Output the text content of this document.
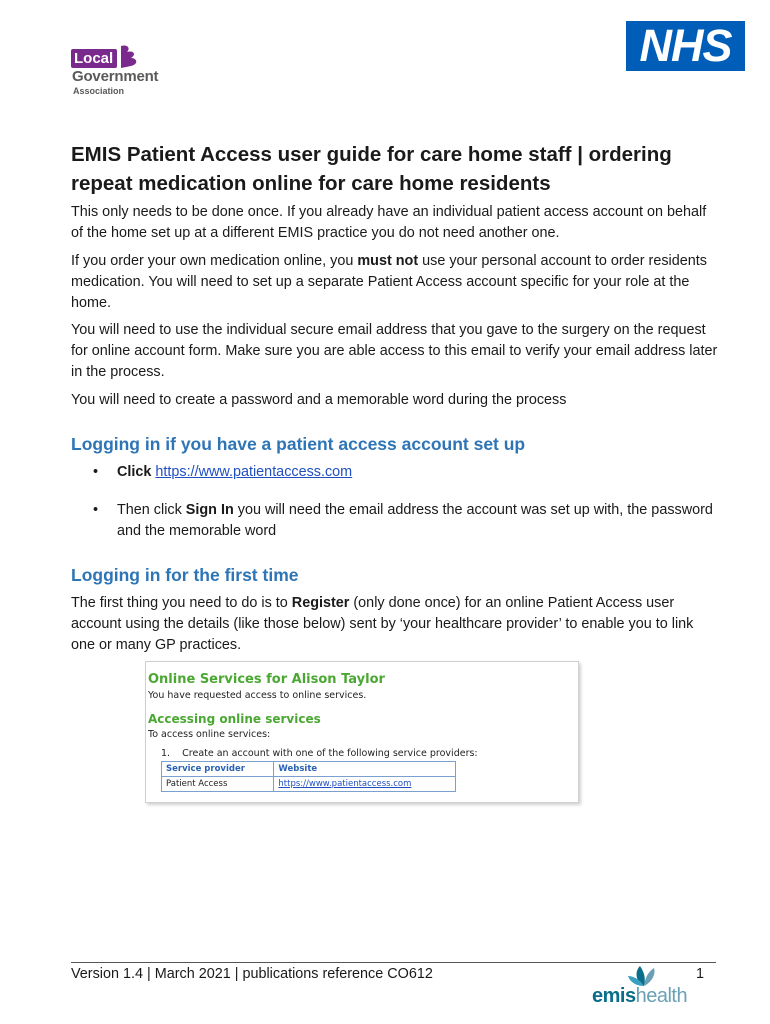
Local
Government
Association
NHS
EMIS Patient Access user guide for care home staff | ordering repeat medication online for care home residents

This only needs to be done once. If you already have an individual patient access account on behalf of the home set up at a different EMIS practice you do not need another one.

If you order your own medication online, you must not use your personal account to order residents medication. You will need to set up a separate Patient Access account specific for your role at the home.

You will need to use the individual secure email address that you gave to the surgery on the request for online account form. Make sure you are able access to this email to verify your email address later in the process.

You will need to create a password and a memorable word during the process

Logging in if you have a patient access account set up
• Click https://www.patientaccess.com
• Then click Sign In you will need the email address the account was set up with, the password and the memorable word
Logging in for the first time

The first thing you need to do is to Register (only done once) for an online Patient Access user account using the details (like those below) sent by ‘your healthcare provider’ to enable you to link one or many GP practices.

Online Services for Alison Taylor
You have requested access to online services.
Accessing online services
To access online services:
1.    Create an account with one of the following service providers:
Service provider	Website
Patient Access	https://www.patientaccess.com
Version 1.4 | March 2021 | publications reference CO612	1
emishealth
